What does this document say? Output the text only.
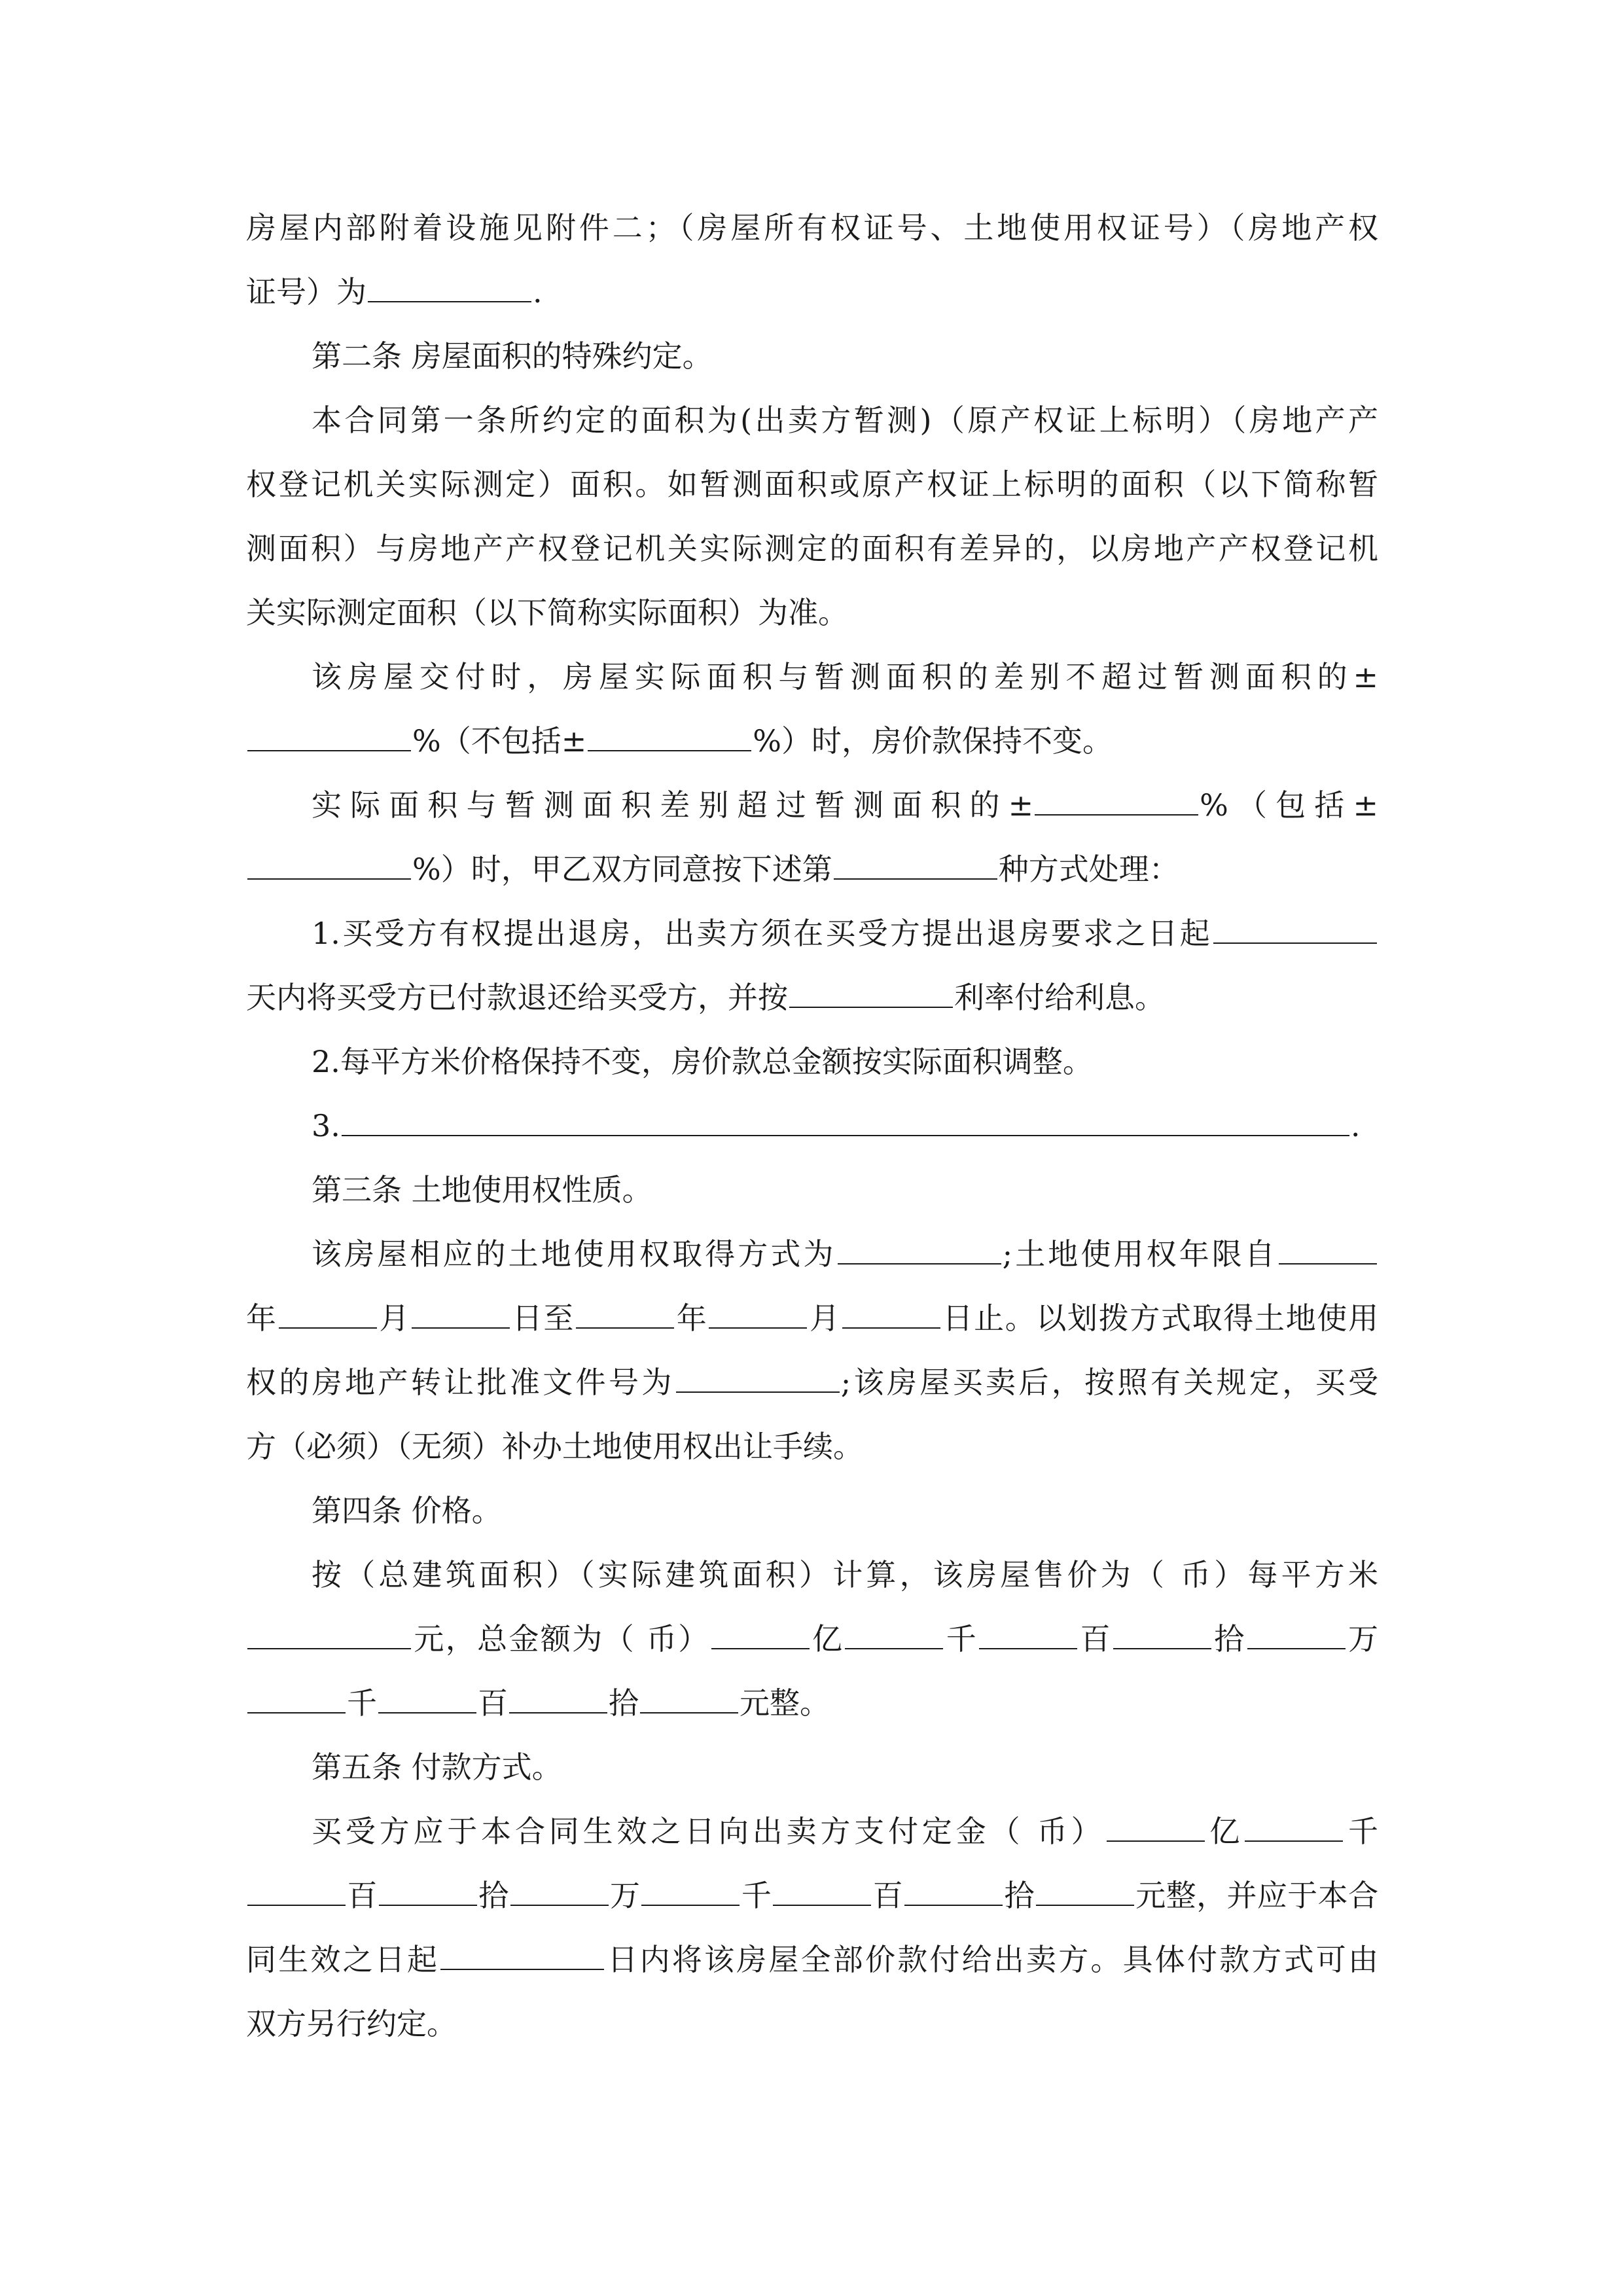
房屋内部附着设施见附件二；（房屋所有权证号、土地使用权证号）（房地产权
证号）为	.
第二条 房屋面积的特殊约定。
本合同第一条所约定的面积为(出卖方暂测)（原产权证上标明）（房地产产
权登记机关实际测定）面积。如暂测面积或原产权证上标明的面积（以下简称暂
测面积）与房地产产权登记机关实际测定的面积有差异的，以房地产产权登记机
关实际测定面积（以下简称实际面积）为准。
该房屋交付时，房屋实际面积与暂测面积的差别不超过暂测面积的±
%（不包括±	%）时，房价款保持不变。
实际面积与暂测面积差别超过暂测面积的±	%（包括±
%）时，甲乙双方同意按下述第	种方式处理：
1.买受方有权提出退房，出卖方须在买受方提出退房要求之日起
天内将买受方已付款退还给买受方，并按	利率付给利息。
2.每平方米价格保持不变，房价款总金额按实际面积调整。
3.	.
第三条 土地使用权性质。
该房屋相应的土地使用权取得方式为	;土地使用权年限自
年	月	日至	年	月	日止。以划拨方式取得土地使用
权的房地产转让批准文件号为	;该房屋买卖后，按照有关规定，买受
方（必须）（无须）补办土地使用权出让手续。
第四条 价格。
按（总建筑面积）（实际建筑面积）计算，该房屋售价为（ 币）每平方米
元，总金额为（ 币）	亿	千	百	拾	万
千	百	拾	元整。
第五条 付款方式。
买受方应于本合同生效之日向出卖方支付定金（ 币）	亿	千
百	拾	万	千	百	拾	元整，并应于本合
同生效之日起	日内将该房屋全部价款付给出卖方。具体付款方式可由
双方另行约定。
